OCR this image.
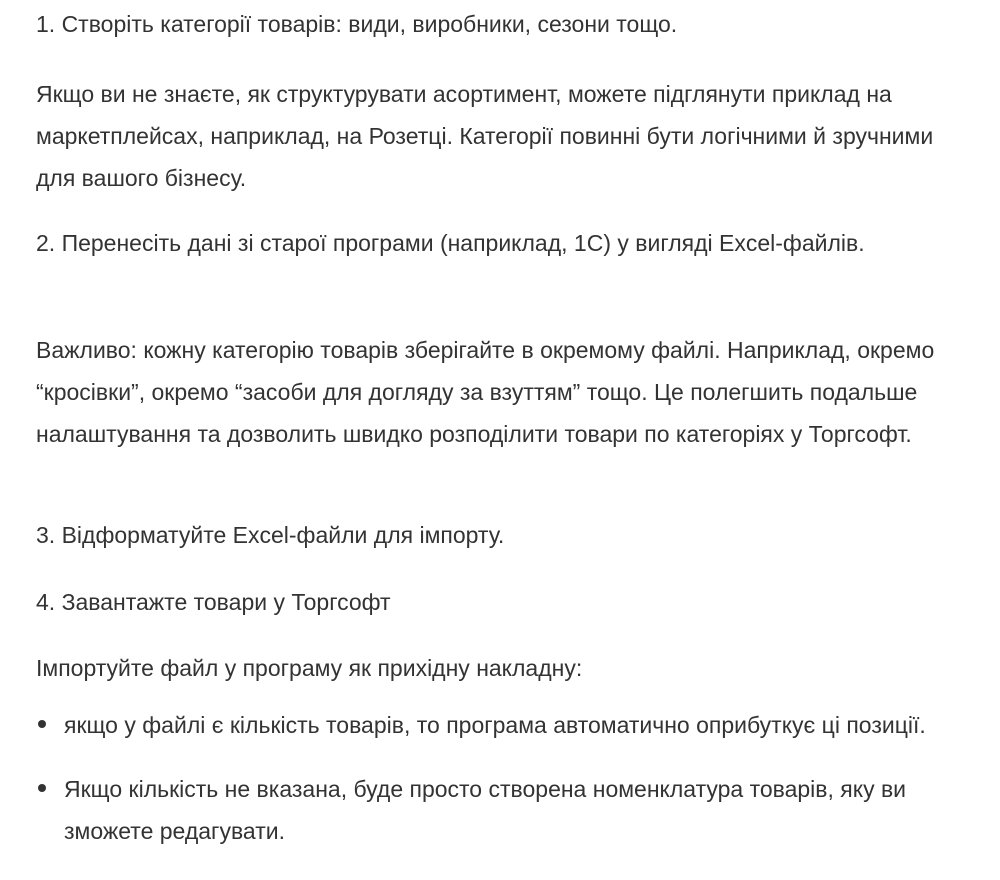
1. Створіть категорії товарів: види, виробники, сезони тощо.

Якщо ви не знаєте, як структурувати асортимент, можете підглянути приклад на маркетплейсах, наприклад, на Розетці. Категорії повинні бути логічними й зручними для вашого бізнесу.

2. Перенесіть дані зі старої програми (наприклад, 1С) у вигляді Excel-файлів.

Важливо: кожну категорію товарів зберігайте в окремому файлі. Наприклад, окремо “кросівки”, окремо “засоби для догляду за взуттям” тощо. Це полегшить подальше налаштування та дозволить швидко розподілити товари по категоріях у Торгсофт.

3. Відформатуйте Excel-файли для імпорту.

4. Завантажте товари у Торгсофт

Імпортуйте файл у програму як прихідну накладну:

якщо у файлі є кількість товарів, то програма автоматично оприбуткує ці позиції.
Якщо кількість не вказана, буде просто створена номенклатура товарів, яку ви зможете редагувати.
